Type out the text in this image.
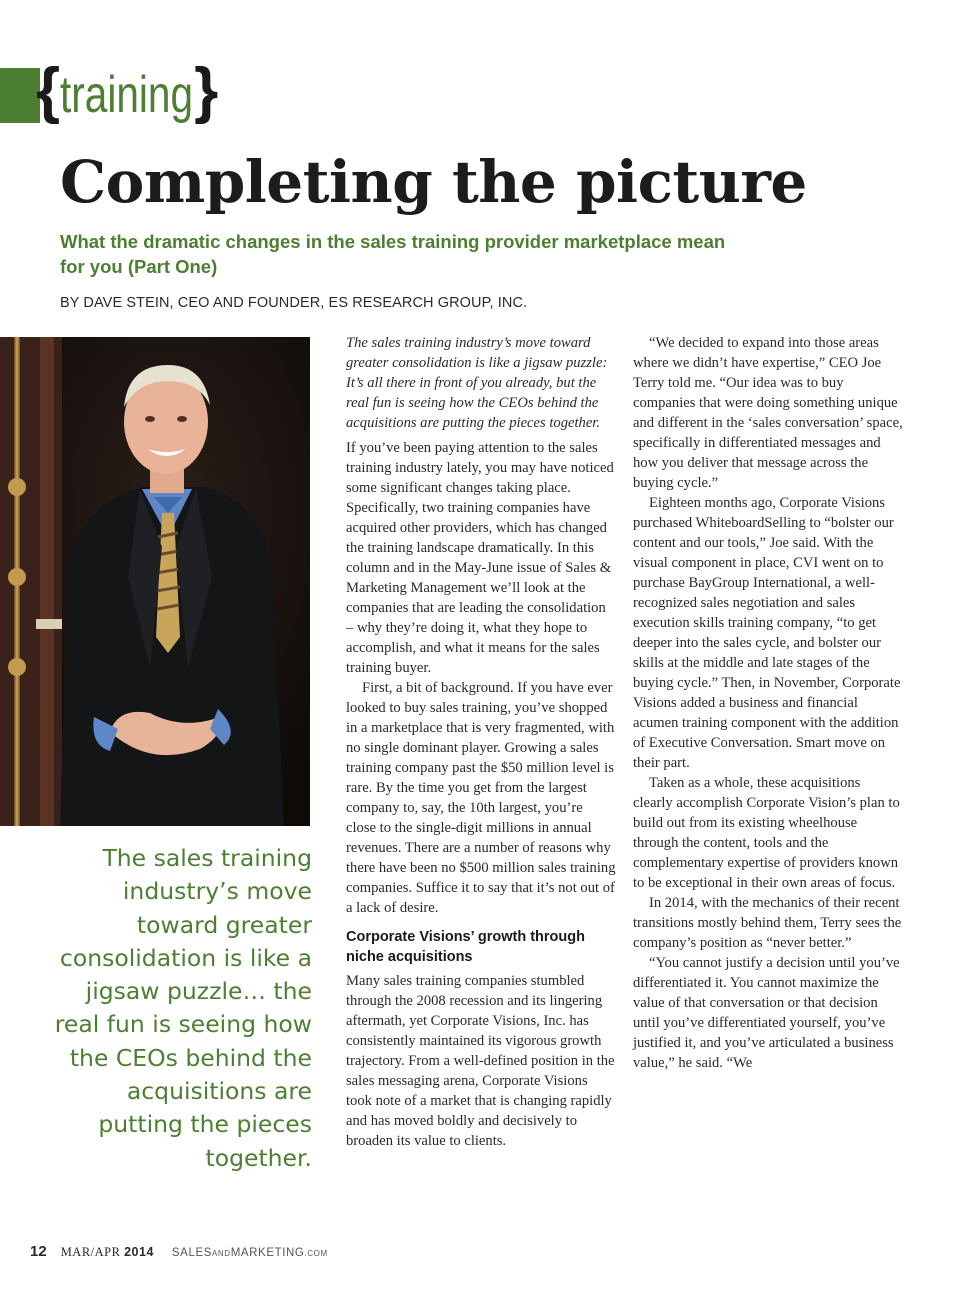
{ training }
Completing the picture

What the dramatic changes in the sales training provider marketplace mean for you (Part One)

BY DAVE STEIN, CEO AND FOUNDER, ES RESEARCH GROUP, INC.

The sales training industry’s move toward greater consolidation is like a jigsaw puzzle… the real fun is seeing how the CEOs behind the acquisitions are putting the pieces together.

The sales training industry’s move toward greater consolidation is like a jigsaw puzzle: It’s all there in front of you already, but the real fun is seeing how the CEOs behind the acquisitions are putting the pieces together.

If you’ve been paying attention to the sales training industry lately, you may have noticed some significant changes taking place. Specifically, two training companies have acquired other providers, which has changed the training landscape dramatically. In this column and in the May-June issue of Sales & Marketing Management we’ll look at the companies that are leading the consolidation – why they’re doing it, what they hope to accomplish, and what it means for the sales training buyer.

First, a bit of background. If you have ever looked to buy sales training, you’ve shopped in a marketplace that is very fragmented, with no single dominant player. Growing a sales training company past the $50 million level is rare. By the time you get from the largest company to, say, the 10th largest, you’re close to the single-digit millions in annual revenues. There are a number of reasons why there have been no $500 million sales training companies. Suffice it to say that it’s not out of a lack of desire.

Corporate Visions’ growth through niche acquisitions

Many sales training companies stumbled through the 2008 recession and its lingering aftermath, yet Corporate Visions, Inc. has consistently maintained its vigorous growth trajectory. From a well-defined position in the sales messaging arena, Corporate Visions took note of a market that is changing rapidly and has moved boldly and decisively to broaden its value to clients.

“We decided to expand into those areas where we didn’t have expertise,” CEO Joe Terry told me. “Our idea was to buy companies that were doing something unique and different in the ‘sales conversation’ space, specifically in differentiated messages and how you deliver that message across the buying cycle.”

Eighteen months ago, Corporate Visions purchased WhiteboardSelling to “bolster our content and our tools,” Joe said. With the visual component in place, CVI went on to purchase BayGroup International, a well-recognized sales negotiation and sales execution skills training company, “to get deeper into the sales cycle, and bolster our skills at the middle and late stages of the buying cycle.” Then, in November, Corporate Visions added a business and financial acumen training component with the addition of Executive Conversation. Smart move on their part.

Taken as a whole, these acquisitions clearly accomplish Corporate Vision’s plan to build out from its existing wheelhouse through the content, tools and the complementary expertise of providers known to be exceptional in their own areas of focus.

In 2014, with the mechanics of their recent transitions mostly behind them, Terry sees the company’s position as “never better.”

“You cannot justify a decision until you’ve differentiated it. You cannot maximize the value of that conversation or that decision until you’ve differentiated yourself, you’ve justified it, and you’ve articulated a business value,” he said. “We

12 MAR/APR 2014 SALESANDMARKETING.COM
